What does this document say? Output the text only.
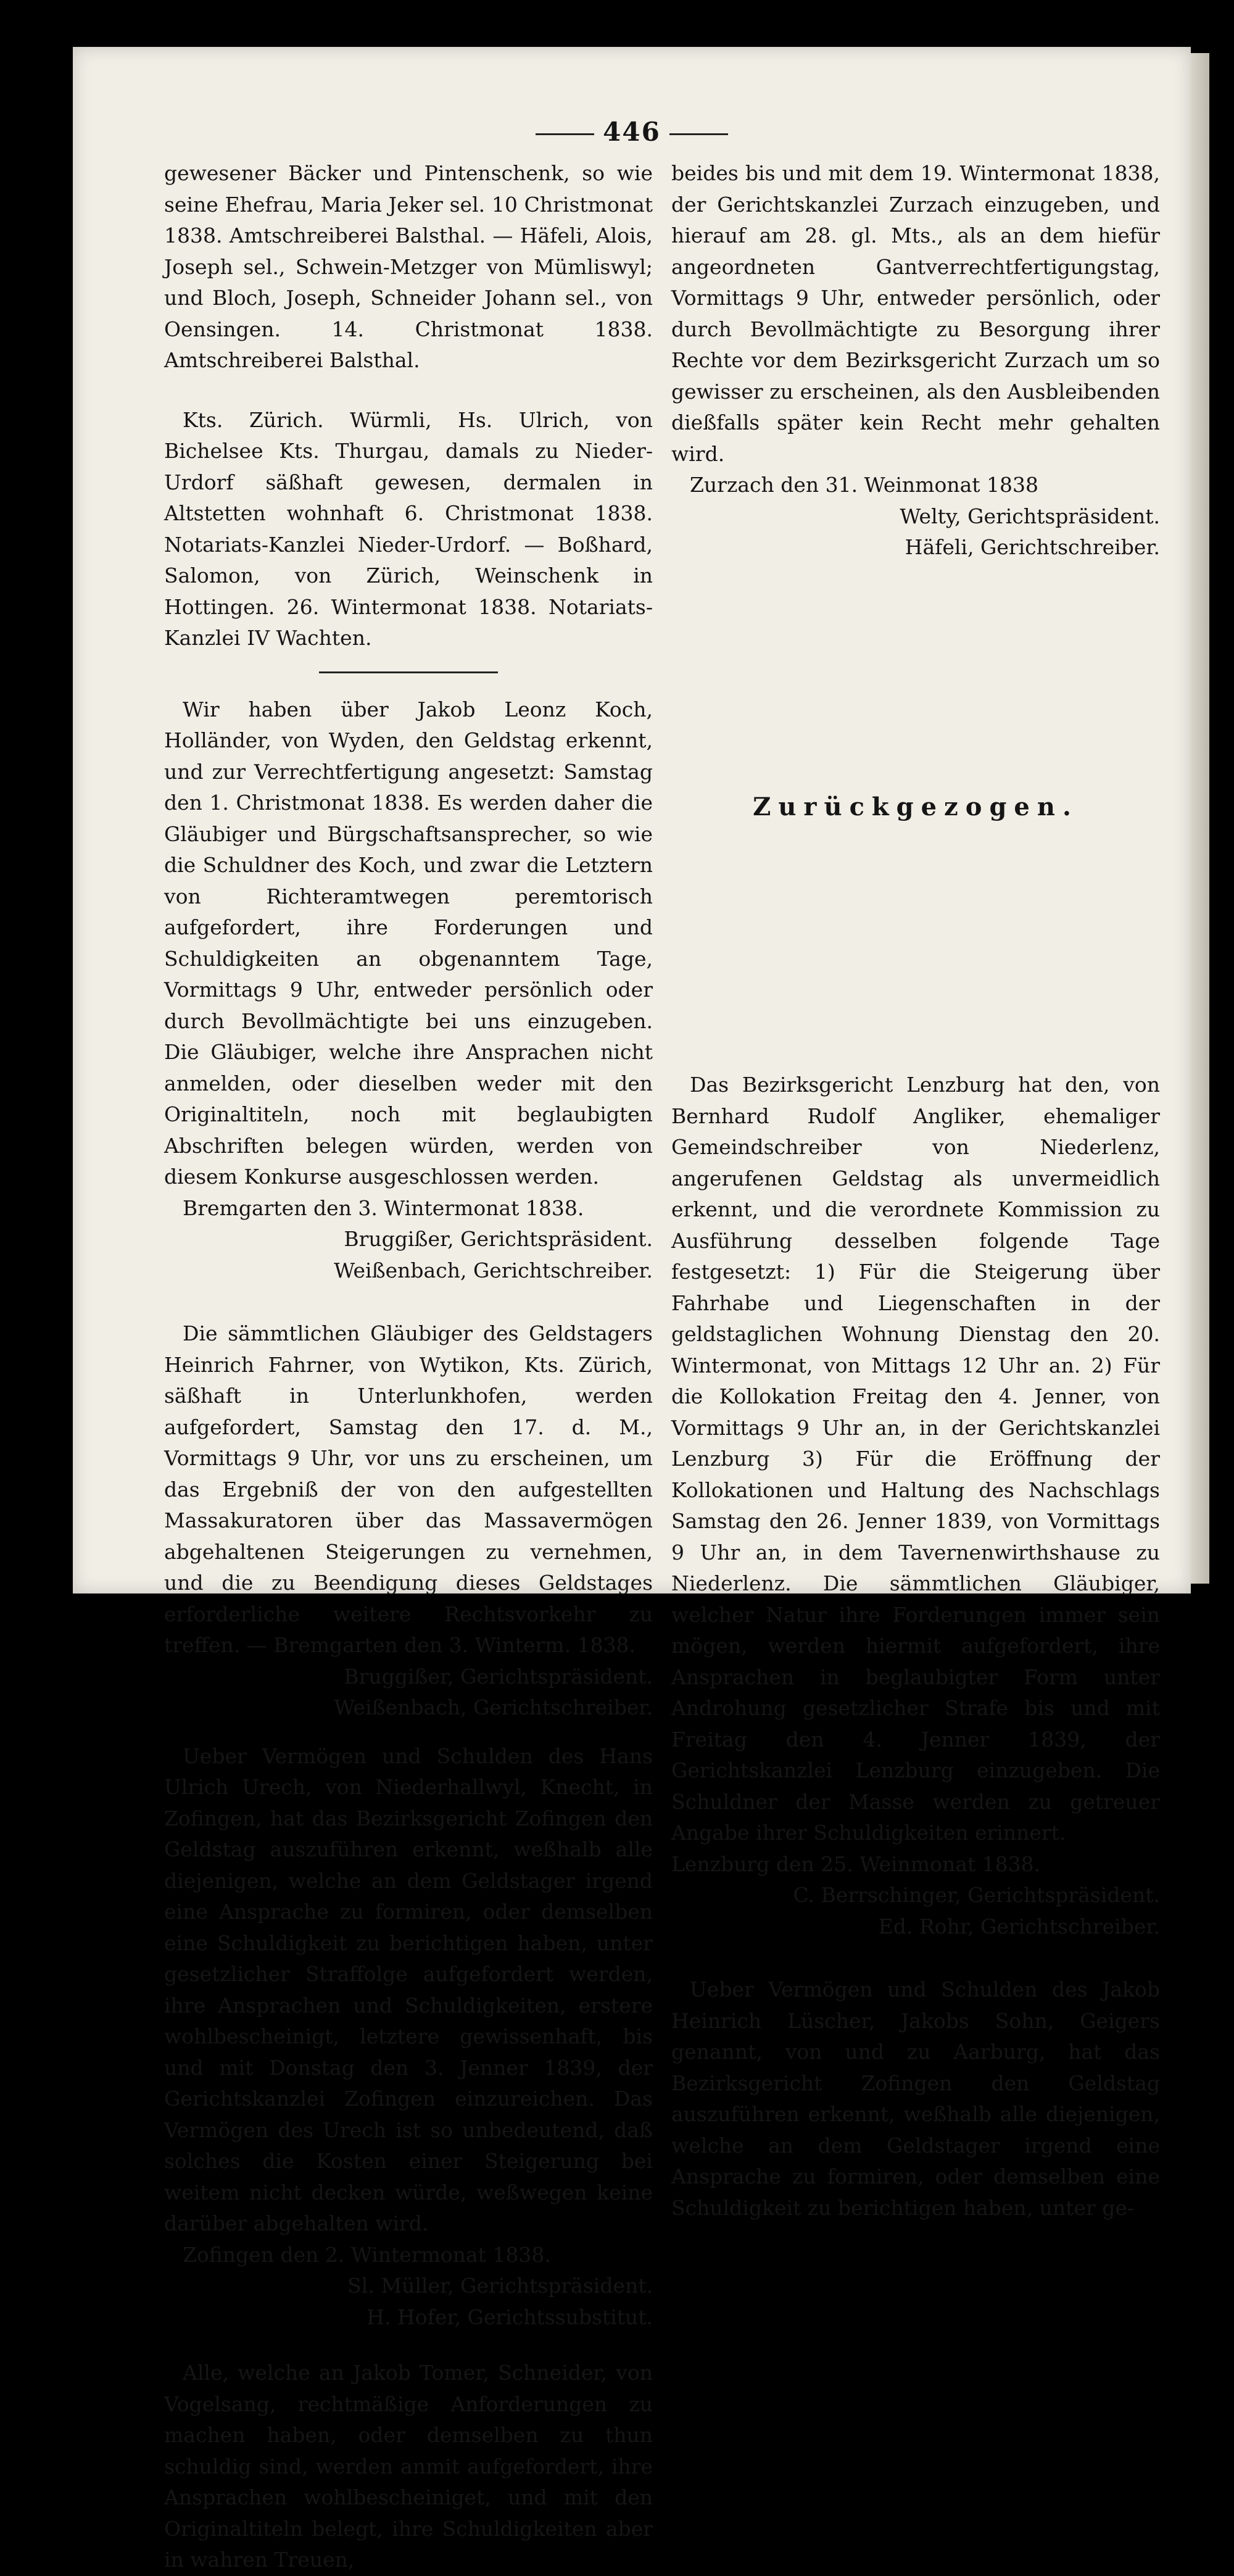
446

gewesener Bäcker und Pintenschenk, so wie seine Ehefrau, Maria Jeker sel. 10 Christmonat 1838. Amtschreiberei Balsthal. — Häfeli, Alois, Joseph sel., Schwein-Metzger von Mümliswyl; und Bloch, Joseph, Schneider Johann sel., von Oensingen. 14. Christmonat 1838. Amtschreiberei Balsthal.

Kts. Zürich. Würmli, Hs. Ulrich, von Bichelsee Kts. Thurgau, damals zu Nieder-Urdorf säßhaft gewesen, dermalen in Altstetten wohnhaft 6. Christmonat 1838. Notariats-Kanzlei Nieder-Urdorf. — Boßhard, Salomon, von Zürich, Weinschenk in Hottingen. 26. Wintermonat 1838. Notariats-Kanzlei IV Wachten.

Wir haben über Jakob Leonz Koch, Holländer, von Wyden, den Geldstag erkennt, und zur Verrechtfertigung angesetzt: Samstag den 1. Christmonat 1838. Es werden daher die Gläubiger und Bürgschaftsansprecher, so wie die Schuldner des Koch, und zwar die Letztern von Richteramtwegen peremtorisch aufgefordert, ihre Forderungen und Schuldigkeiten an obgenanntem Tage, Vormittags 9 Uhr, entweder persönlich oder durch Bevollmächtigte bei uns einzugeben. Die Gläubiger, welche ihre Ansprachen nicht anmelden, oder dieselben weder mit den Originaltiteln, noch mit beglaubigten Abschriften belegen würden, werden von diesem Konkurse ausgeschlossen werden.

Bremgarten den 3. Wintermonat 1838.

Bruggißer, Gerichtspräsident.

Weißenbach, Gerichtschreiber.

Die sämmtlichen Gläubiger des Geldstagers Heinrich Fahrner, von Wytikon, Kts. Zürich, säßhaft in Unterlunkhofen, werden aufgefordert, Samstag den 17. d. M., Vormittags 9 Uhr, vor uns zu erscheinen, um das Ergebniß der von den aufgestellten Massakuratoren über das Massavermögen abgehaltenen Steigerungen zu vernehmen, und die zu Beendigung dieses Geldstages erforderliche weitere Rechtsvorkehr zu treffen. — Bremgarten den 3. Winterm. 1838.

Bruggißer, Gerichtspräsident.

Weißenbach, Gerichtschreiber.

Ueber Vermögen und Schulden des Hans Ulrich Urech, von Niederhallwyl, Knecht, in Zofingen, hat das Bezirksgericht Zofingen den Geldstag auszuführen erkennt, weßhalb alle diejenigen, welche an dem Geldstager irgend eine Ansprache zu formiren, oder demselben eine Schuldigkeit zu berichtigen haben, unter gesetzlicher Straffolge aufgefordert werden, ihre Ansprachen und Schuldigkeiten, erstere wohlbescheinigt, letztere gewissenhaft, bis und mit Donstag den 3. Jenner 1839, der Gerichtskanzlei Zofingen einzureichen. Das Vermögen des Urech ist so unbedeutend, daß solches die Kosten einer Steigerung bei weitem nicht decken würde, weßwegen keine darüber abgehalten wird.

Zofingen den 2. Wintermonat 1838.

Sl. Müller, Gerichtspräsident.

H. Hofer, Gerichtssubstitut.

Alle, welche an Jakob Tomer, Schneider, von Vogelsang, rechtmäßige Anforderungen zu machen haben, oder demselben zu thun schuldig sind, werden anmit aufgefordert, ihre Ansprachen wohlbescheiniget, und mit den Originaltiteln belegt, ihre Schuldigkeiten aber in wahren Treuen,

beides bis und mit dem 19. Wintermonat 1838, der Gerichtskanzlei Zurzach einzugeben, und hierauf am 28. gl. Mts., als an dem hiefür angeordneten Gantverrechtfertigungstag, Vormittags 9 Uhr, entweder persönlich, oder durch Bevollmächtigte zu Besorgung ihrer Rechte vor dem Bezirksgericht Zurzach um so gewisser zu erscheinen, als den Ausbleibenden dießfalls später kein Recht mehr gehalten wird.

Zurzach den 31. Weinmonat 1838

Welty, Gerichtspräsident.

Häfeli, Gerichtschreiber.

Zurückgezogen.

Das Bezirksgericht Lenzburg hat den, von Bernhard Rudolf Angliker, ehemaliger Gemeindschreiber von Niederlenz, angerufenen Geldstag als unvermeidlich erkennt, und die verordnete Kommission zu Ausführung desselben folgende Tage festgesetzt: 1) Für die Steigerung über Fahrhabe und Liegenschaften in der geldstaglichen Wohnung Dienstag den 20. Wintermonat, von Mittags 12 Uhr an. 2) Für die Kollokation Freitag den 4. Jenner, von Vormittags 9 Uhr an, in der Gerichtskanzlei Lenzburg 3) Für die Eröffnung der Kollokationen und Haltung des Nachschlags Samstag den 26. Jenner 1839, von Vormittags 9 Uhr an, in dem Tavernenwirthshause zu Niederlenz. Die sämmtlichen Gläubiger, welcher Natur ihre Forderungen immer sein mögen, werden hiermit aufgefordert, ihre Ansprachen in beglaubigter Form unter Androhung gesetzlicher Strafe bis und mit Freitag den 4. Jenner 1839, der Gerichtskanzlei Lenzburg einzugeben. Die Schuldner der Masse werden zu getreuer Angabe ihrer Schuldigkeiten erinnert.

Lenzburg den 25. Weinmonat 1838.

C. Berrschinger, Gerichtspräsident.

Ed. Rohr, Gerichtschreiber.

Ueber Vermögen und Schulden des Jakob Heinrich Lüscher, Jakobs Sohn, Geigers genannt, von und zu Aarburg, hat das Bezirksgericht Zofingen den Geldstag auszuführen erkennt, weßhalb alle diejenigen, welche an dem Geldstager irgend eine Ansprache zu formiren, oder demselben eine Schuldigkeit zu berichtigen haben, unter ge-
